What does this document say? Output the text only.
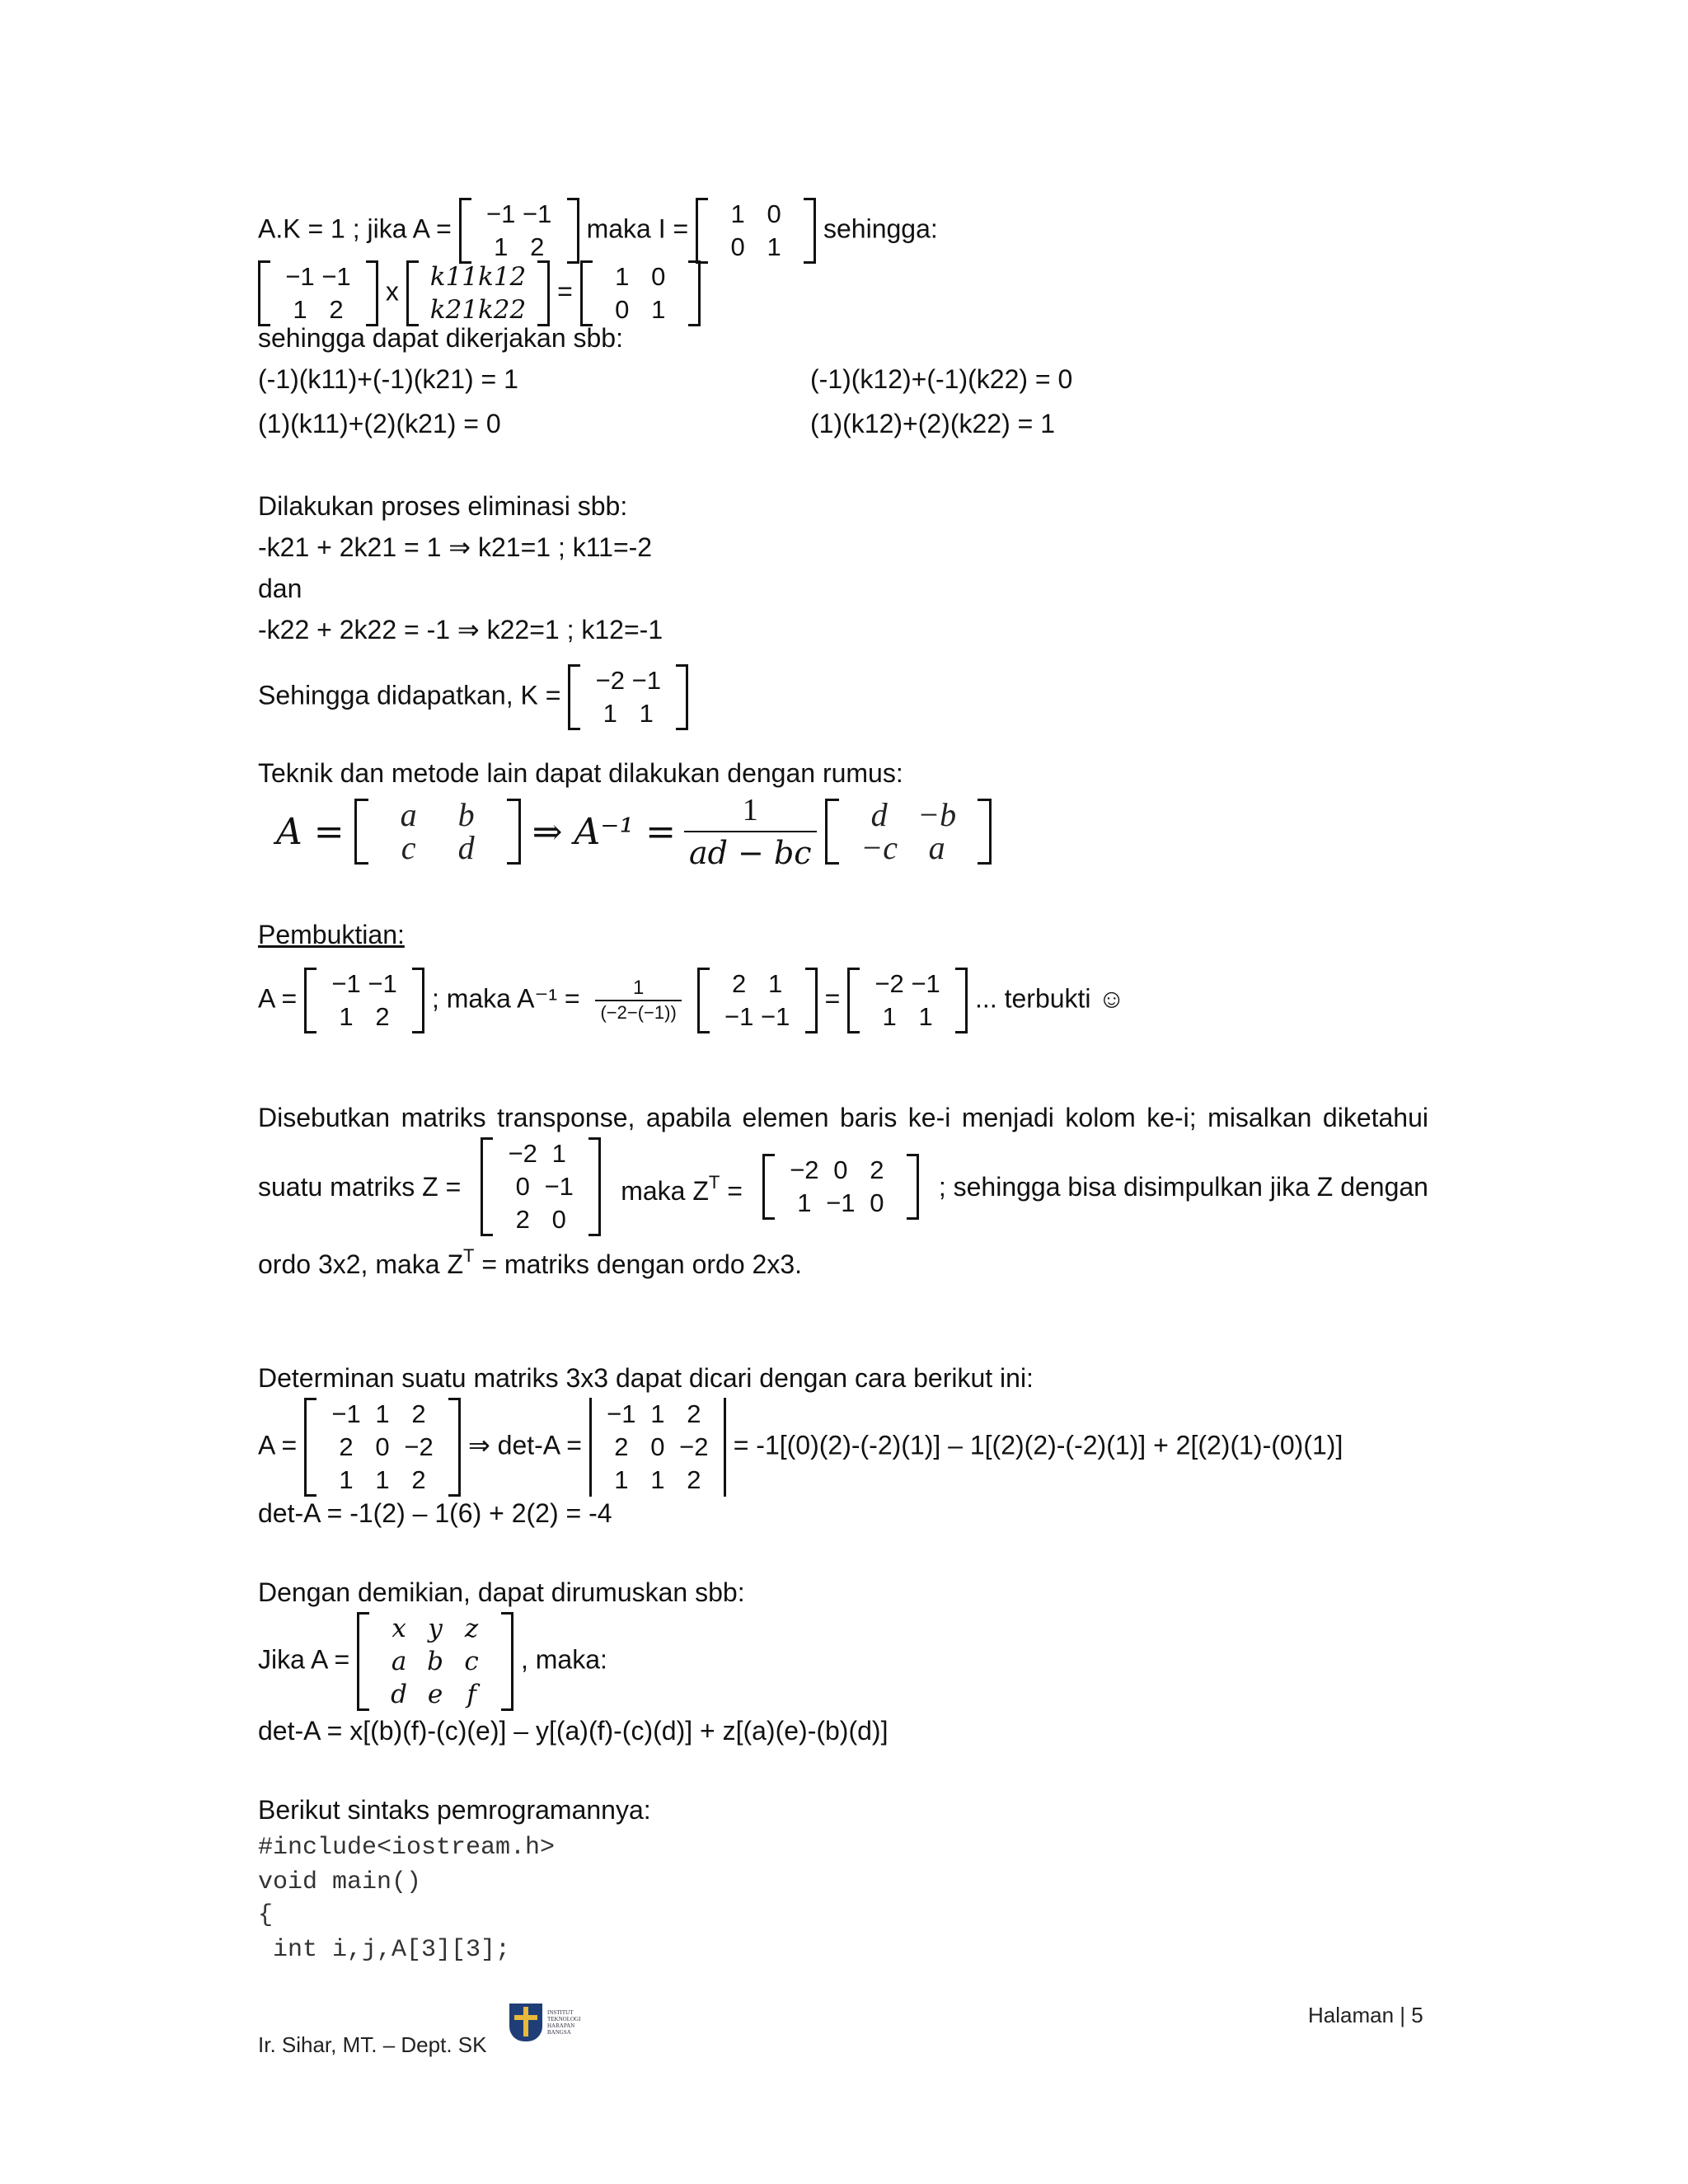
A.K = 1 ; jika A = −1 −1
1 2
maka I =	1 0
0 1
sehingga:
−1 −1
1 2
x k11 k12
k21 k22
=	1 0
0 1
sehingga dapat dikerjakan sbb:
(-1)(k11)+(-1)(k21) = 1	(-1)(k12)+(-1)(k22) = 0
(1)(k11)+(2)(k21) = 0	(1)(k12)+(2)(k22) = 1
Dilakukan proses eliminasi sbb:
-k21 + 2k21 = 1 ⇒ k21=1 ; k11=-2
dan
-k22 + 2k22 = -1 ⇒ k22=1 ; k12=-1
Sehingga didapatkan, K = −2 −1
1 1
Teknik dan metode lain dapat dilakukan dengan rumus:
A =	a	b
c	d	⇒ $A^{-1} = \frac{1}{ad - bc}$	d −b
−c a
Pembuktian:
A = −1 −1
1 2
; maka $A^{-1} = \frac{1}{(-2-(-1))}$
	2 1
−1 −1
= −2 −1
1 1
... terbukti ☺
Disebutkan matriks transponse, apabila elemen baris ke-i menjadi kolom ke-i; misalkan diketahui
suatu matriks Z =
−2 1
0 −1
2 0
maka $Z^T$ =
−2 0 2
1 −1 0
; sehingga bisa disimpulkan jika Z dengan
ordo 3x2, maka $Z^T$ = matriks dengan ordo 2x3.
Determinan suatu matriks 3x3 dapat dicari dengan cara berikut ini:
A =
−1 1 2
2 0 −2
1 1 2
⇒ det-A =
−1 1 2
2 0 −2
1 1 2
= -1[(0)(2)-(-2)(1)] – 1[(2)(2)-(-2)(1)] + 2[(2)(1)-(0)(1)]
det-A = -1(2) – 1(6) + 2(2) = -4
Dengan demikian, dapat dirumuskan sbb:
Jika A =
x y z
a b c
d e f
, maka:
det-A = x[(b)(f)-(c)(e)] – y[(a)(f)-(c)(d)] + z[(a)(e)-(b)(d)]
Berikut sintaks pemrogramannya:
#include<iostream.h>
void main()
{
int i,j,A[3][3];
INSTITUT
TEKNOLOGI
HARAPAN
BANGSA
Ir. Sihar, MT. – Dept. SK
Halaman | 5
